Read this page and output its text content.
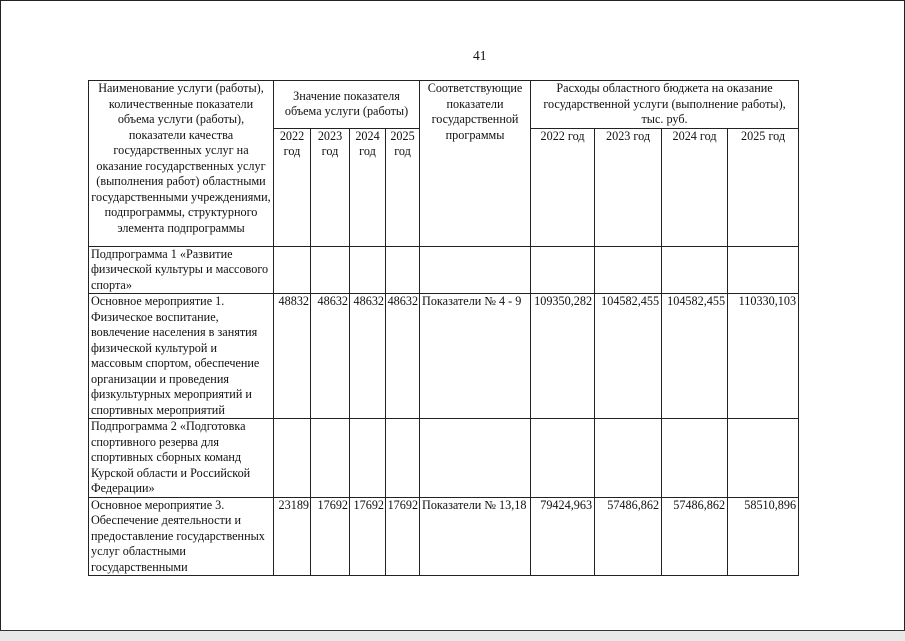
41
Наименование услуги (работы), количественные показатели объема услуги (работы), показатели качества государственных услуг на оказание государственных услуг (выполнения работ) областными государственными учреждениями, подпрограммы, структурного элемента подпрограммы	Значение показателя объема услуги (работы)				Соответствующие показатели государственной программы	Расходы областного бюджета на оказание государственной услуги (выполнение работы), тыс. руб.			
	2022 год	2023 год	2024 год	2025 год		2022 год	2023 год	2024 год	2025 год
Подпрограмма 1 «Развитие физической культуры и массового спорта»									
Основное мероприятие 1. Физическое воспитание, вовлечение населения в занятия физической культурой и массовым спортом, обеспечение организации и проведения физкультурных мероприятий и спортивных мероприятий	48832	48632	48632	48632	Показатели № 4 - 9	109350,282	104582,455	104582,455	110330,103
Подпрограмма 2 «Подготовка спортивного резерва для спортивных сборных команд Курской области и Российской Федерации»									
Основное мероприятие 3. Обеспечение деятельности и предоставление государственных услуг областными государственными	23189	17692	17692	17692	Показатели № 13,18	79424,963	57486,862	57486,862	58510,896
